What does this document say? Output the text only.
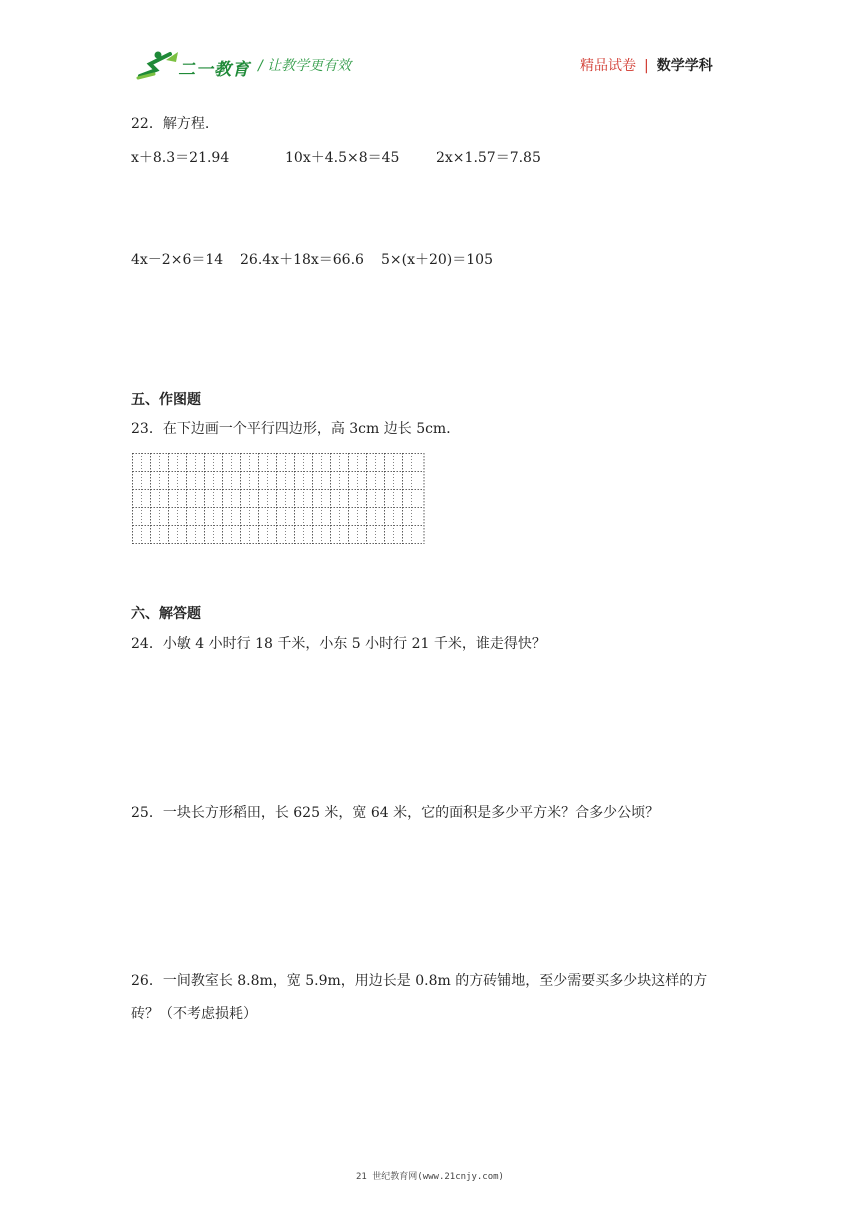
二一教育 / 让教学更有效	精品试卷 | 数学学科
22．解方程.
x＋8.3＝21.94	10x＋4.5×8＝45	2x×1.57＝7.85
4x－2×6＝14 26.4x＋18x＝66.6 5×(x＋20)＝105
五、作图题
23．在下边画一个平行四边形，高 3cm 边长 5cm．
六、解答题
24．小敏 4 小时行 18 千米，小东 5 小时行 21 千米，谁走得快？
25．一块长方形稻田，长 625 米，宽 64 米，它的面积是多少平方米？合多少公顷？
26．一间教室长 8.8m，宽 5.9m，用边长是 0.8m 的方砖铺地，至少需要买多少块这样的方
砖？（不考虑损耗）
21 世纪教育网(www.21cnjy.com)
